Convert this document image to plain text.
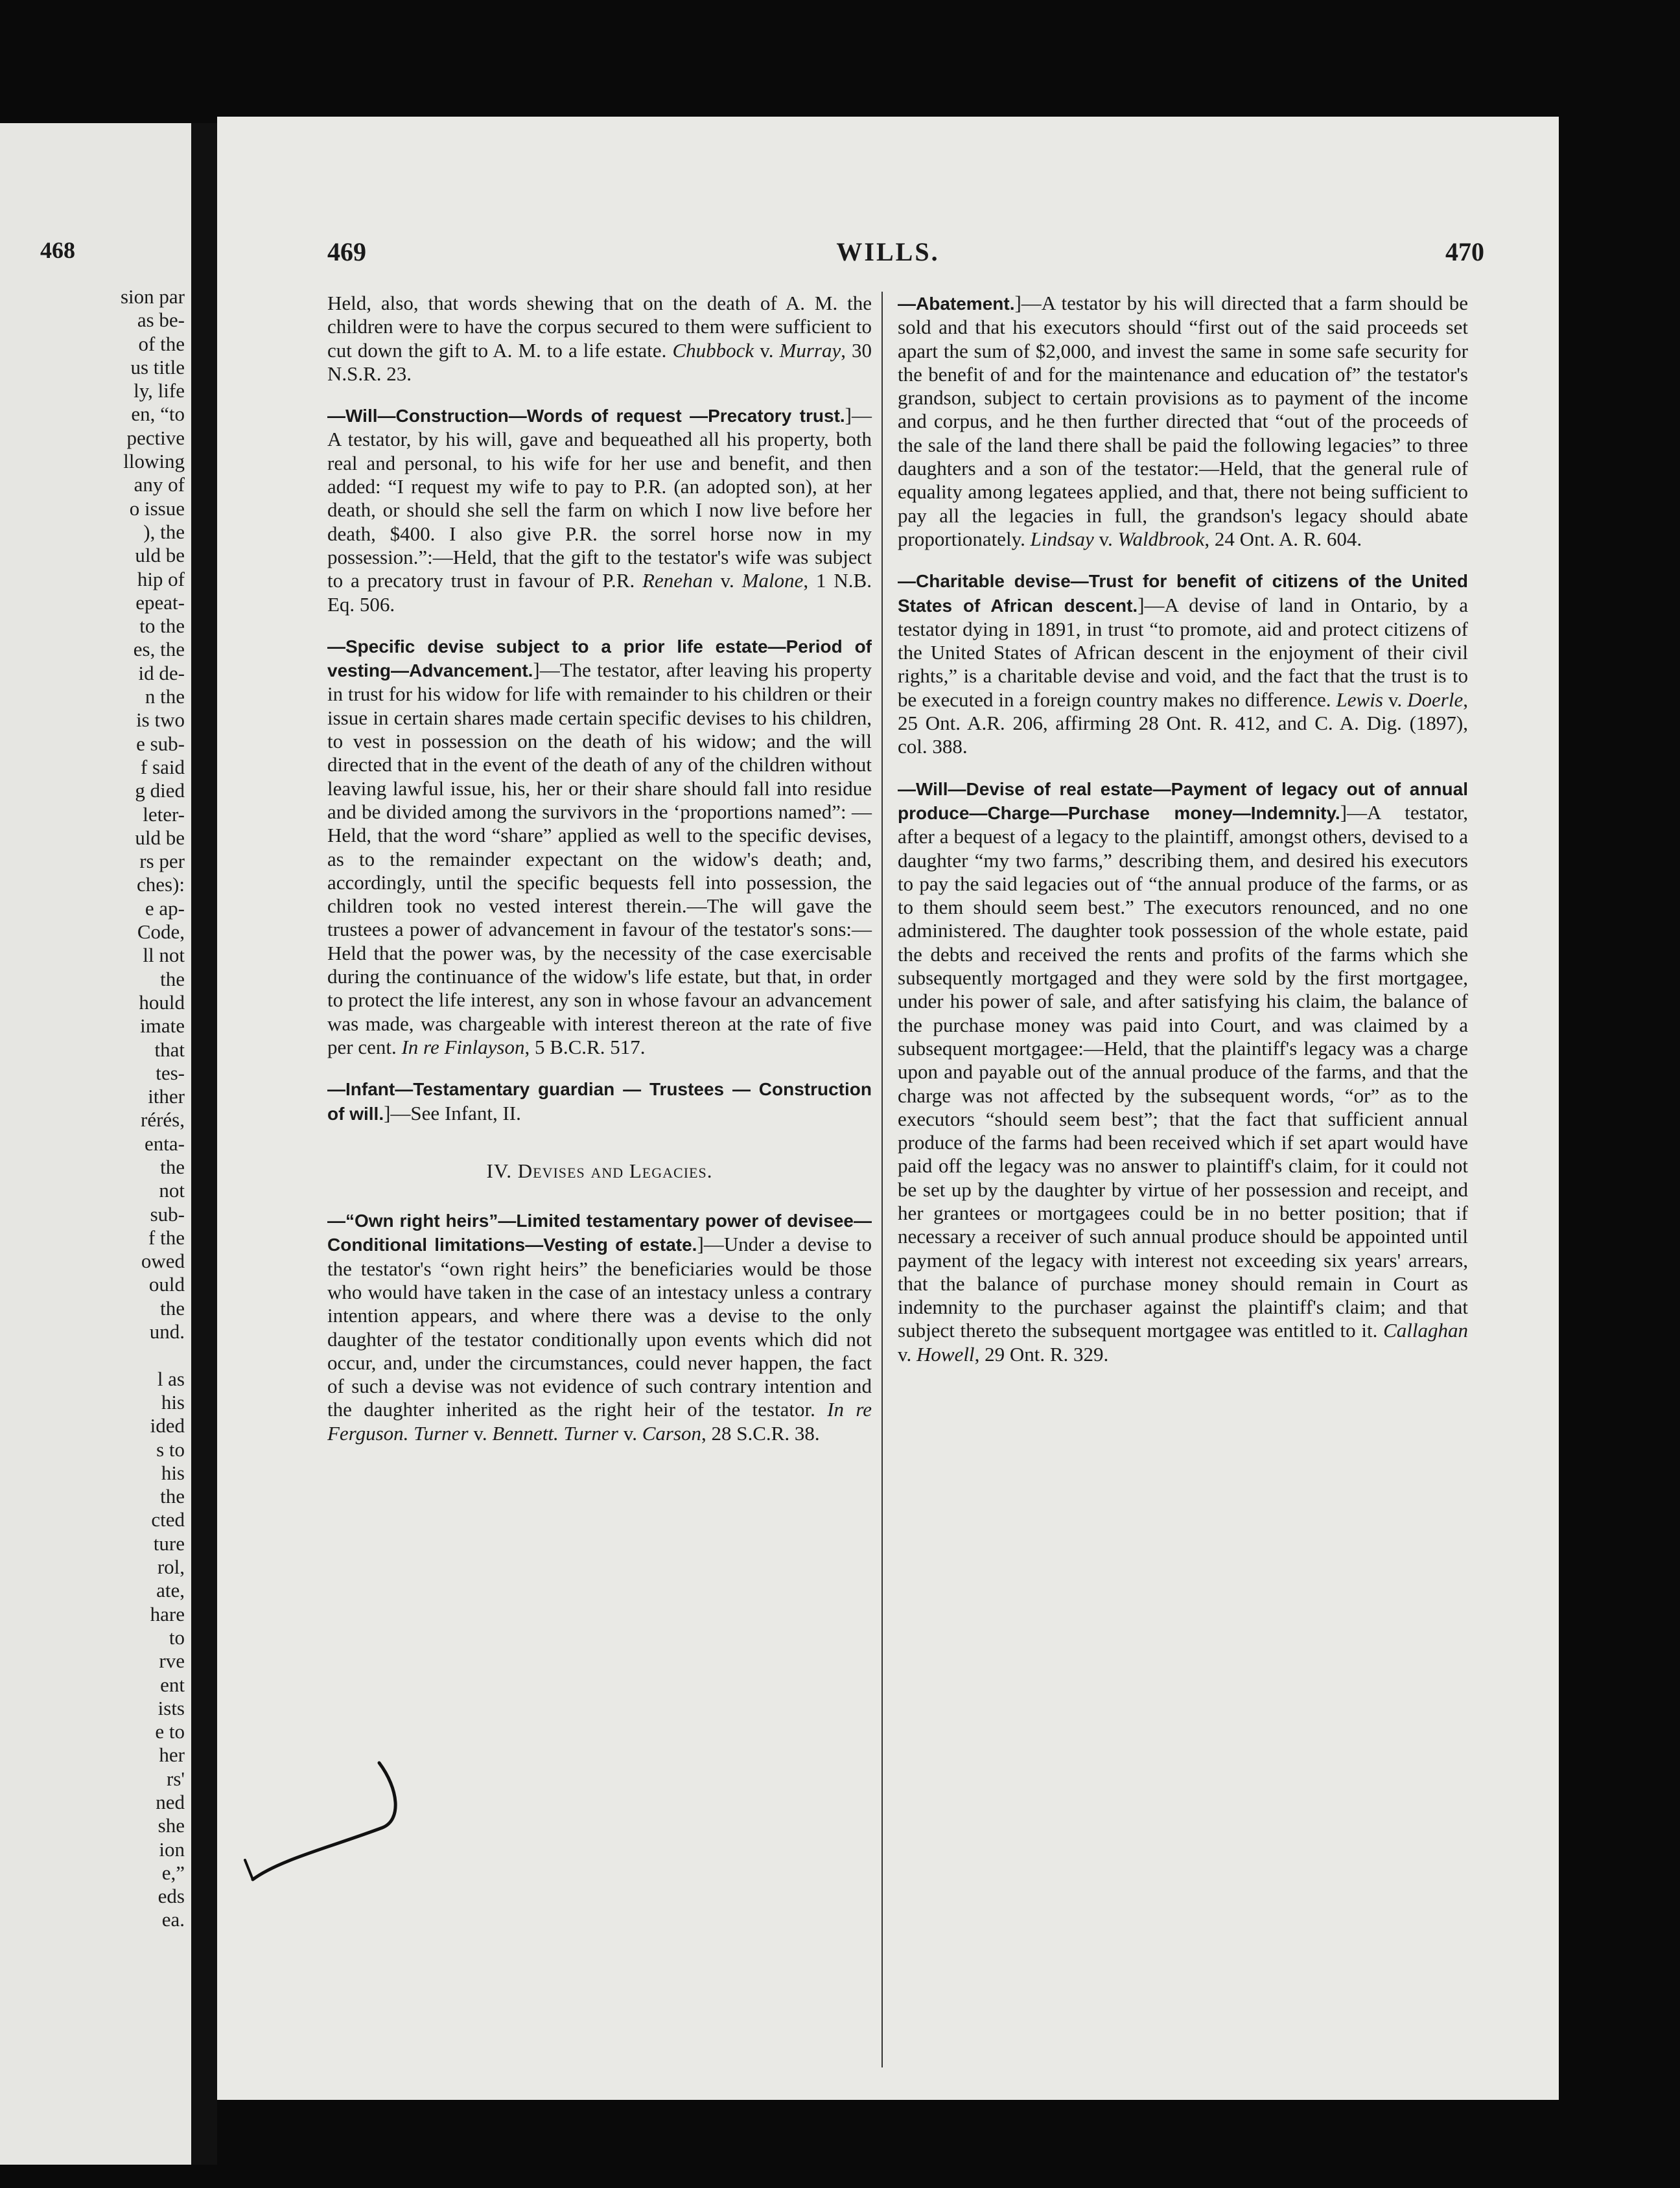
468
sion par
as be-
of the
us title
ly, life
en, “to
pective
llowing
any of
o issue
), the
uld be
hip of
epeat-
to the
es, the
id de-
n the
is two
e sub-
f said
g died
leter-
uld be
rs per
ches):
e ap-
Code,
ll not
the
hould
imate
that
tes-
ither
rérés,
enta-
the
not
sub-
f the
owed
ould
the
und.

l as
his
ided
s to
his
the
cted
ture
rol,
ate,
hare
to
rve
ent
ists
e to
her
rs'
ned
she
ion
e,”
eds
ea.
469	WILLS.	470

Held, also, that words shewing that on the death of A. M. the children were to have the corpus secured to them were sufficient to cut down the gift to A. M. to a life estate. Chubbock v. Murray, 30 N.S.R. 23.

—Will—Construction—Words of request —Precatory trust.]—A testator, by his will, gave and bequeathed all his property, both real and personal, to his wife for her use and benefit, and then added: “I request my wife to pay to P.R. (an adopted son), at her death, or should she sell the farm on which I now live before her death, $400. I also give P.R. the sorrel horse now in my possession.”:—Held, that the gift to the testator's wife was subject to a precatory trust in favour of P.R. Renehan v. Malone, 1 N.B. Eq. 506.

—Specific devise subject to a prior life estate—Period of vesting—Advancement.]—The testator, after leaving his property in trust for his widow for life with remainder to his children or their issue in certain shares made certain specific devises to his children, to vest in possession on the death of his widow; and the will directed that in the event of the death of any of the children without leaving lawful issue, his, her or their share should fall into residue and be divided among the survivors in the ‘proportions named”: — Held, that the word “share” applied as well to the specific devises, as to the remainder expectant on the widow's death; and, accordingly, until the specific bequests fell into possession, the children took no vested interest therein.—The will gave the trustees a power of advancement in favour of the testator's sons:—Held that the power was, by the necessity of the case exercisable during the continuance of the widow's life estate, but that, in order to protect the life interest, any son in whose favour an advancement was made, was chargeable with interest thereon at the rate of five per cent. In re Finlayson, 5 B.C.R. 517.

—Infant—Testamentary guardian — Trustees — Construction of will.]—See Infant, II.

IV. Devises and Legacies.

—“Own right heirs”—Limited testamentary power of devisee—Conditional limitations—Vesting of estate.]—Under a devise to the testator's “own right heirs” the beneficiaries would be those who would have taken in the case of an intestacy unless a contrary intention appears, and where there was a devise to the only daughter of the testator conditionally upon events which did not occur, and, under the circumstances, could never happen, the fact of such a devise was not evidence of such contrary intention and the daughter inherited as the right heir of the testator. In re Ferguson. Turner v. Bennett. Turner v. Carson, 28 S.C.R. 38.

—Abatement.]—A testator by his will directed that a farm should be sold and that his executors should “first out of the said proceeds set apart the sum of $2,000, and invest the same in some safe security for the benefit of and for the maintenance and education of” the testator's grandson, subject to certain provisions as to payment of the income and corpus, and he then further directed that “out of the proceeds of the sale of the land there shall be paid the following legacies” to three daughters and a son of the testator:—Held, that the general rule of equality among legatees applied, and that, there not being sufficient to pay all the legacies in full, the grandson's legacy should abate proportionately. Lindsay v. Waldbrook, 24 Ont. A. R. 604.

—Charitable devise—Trust for benefit of citizens of the United States of African descent.]—A devise of land in Ontario, by a testator dying in 1891, in trust “to promote, aid and protect citizens of the United States of African descent in the enjoyment of their civil rights,” is a charitable devise and void, and the fact that the trust is to be executed in a foreign country makes no difference. Lewis v. Doerle, 25 Ont. A.R. 206, affirming 28 Ont. R. 412, and C. A. Dig. (1897), col. 388.

—Will—Devise of real estate—Payment of legacy out of annual produce—Charge—Purchase money—Indemnity.]—A testator, after a bequest of a legacy to the plaintiff, amongst others, devised to a daughter “my two farms,” describing them, and desired his executors to pay the said legacies out of “the annual produce of the farms, or as to them should seem best.” The executors renounced, and no one administered. The daughter took possession of the whole estate, paid the debts and received the rents and profits of the farms which she subsequently mortgaged and they were sold by the first mortgagee, under his power of sale, and after satisfying his claim, the balance of the purchase money was paid into Court, and was claimed by a subsequent mortgagee:—Held, that the plaintiff's legacy was a charge upon and payable out of the annual produce of the farms, and that the charge was not affected by the subsequent words, “or” as to the executors “should seem best”; that the fact that sufficient annual produce of the farms had been received which if set apart would have paid off the legacy was no answer to plaintiff's claim, for it could not be set up by the daughter by virtue of her possession and receipt, and her grantees or mortgagees could be in no better position; that if necessary a receiver of such annual produce should be appointed until payment of the legacy with interest not exceeding six years' arrears, that the balance of purchase money should remain in Court as indemnity to the purchaser against the plaintiff's claim; and that subject thereto the subsequent mortgagee was entitled to it. Callaghan v. Howell, 29 Ont. R. 329.
